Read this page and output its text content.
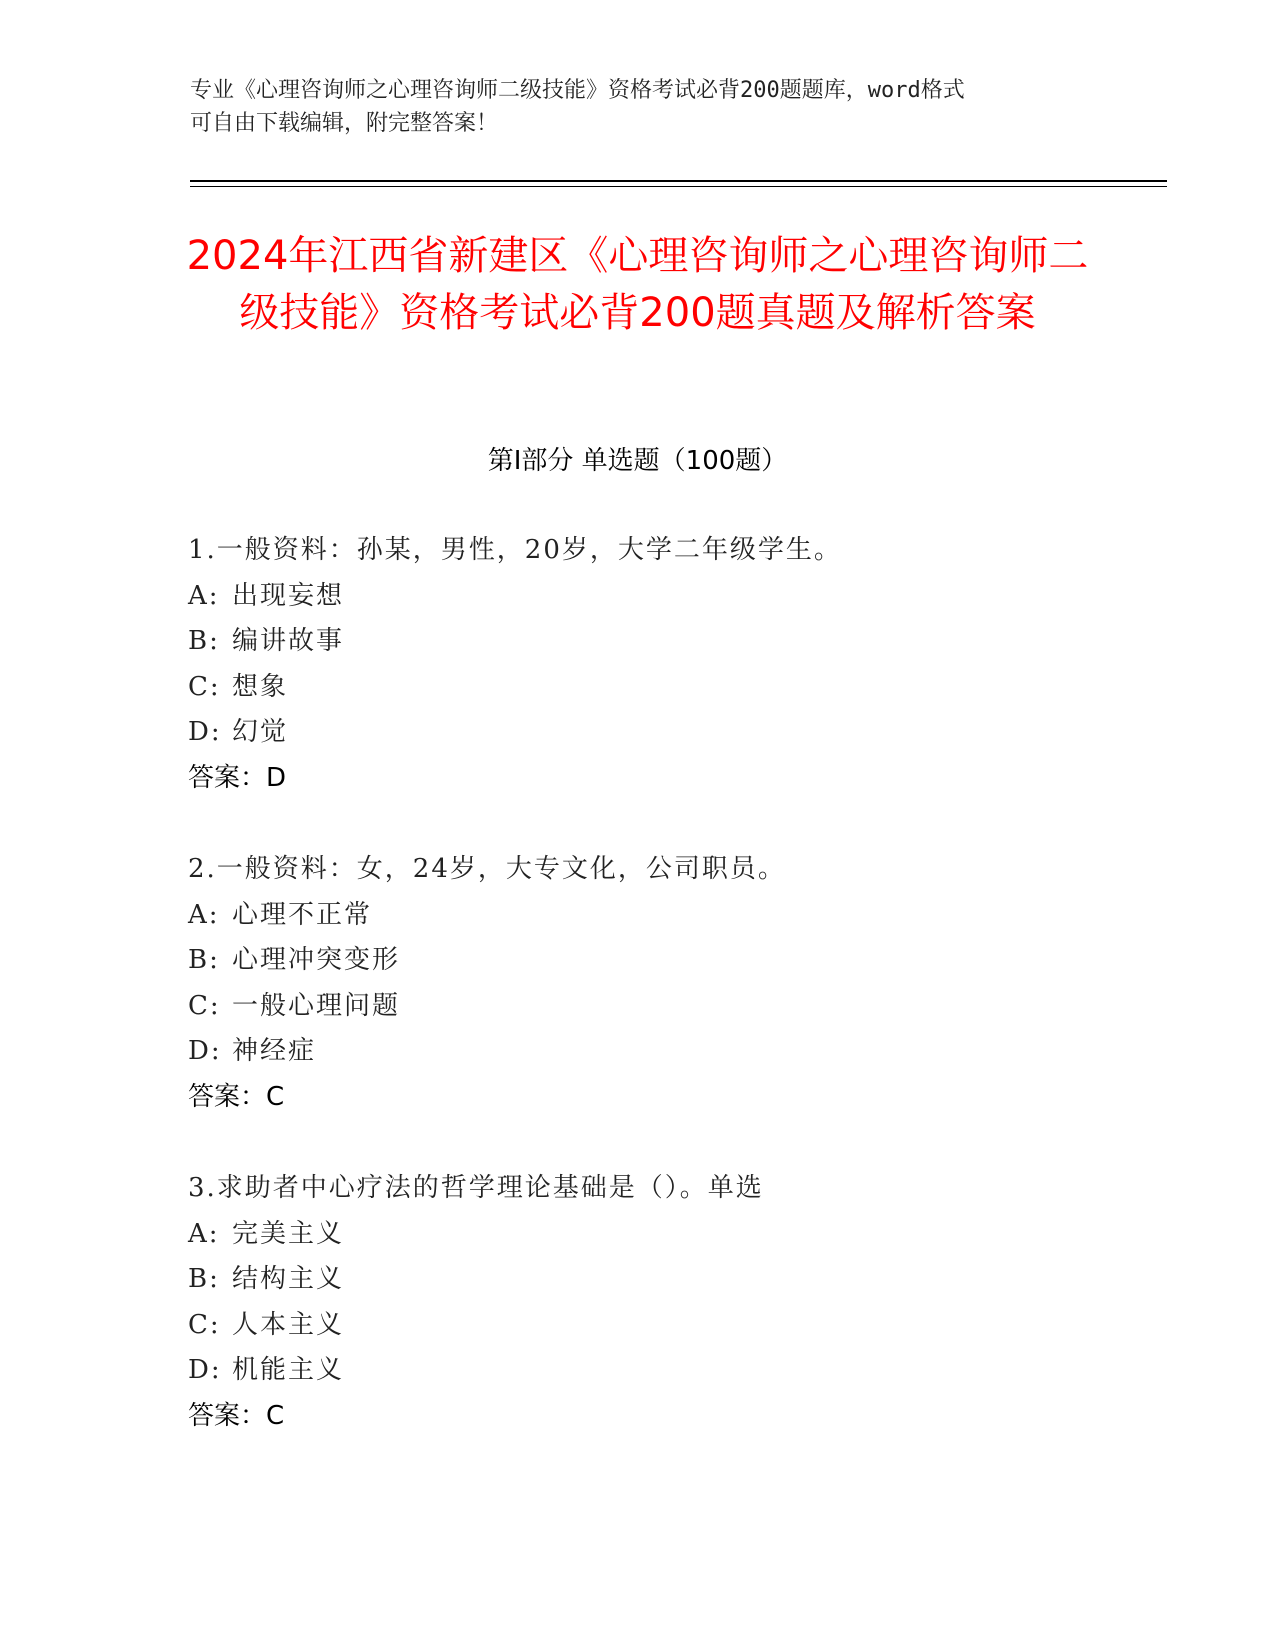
专业《心理咨询师之心理咨询师二级技能》资格考试必背200题题库，word格式
可自由下载编辑，附完整答案！
2024年江西省新建区《心理咨询师之心理咨询师二级技能》资格考试必背200题真题及解析答案
第Ⅰ部分 单选题（100题）
1.一般资料：孙某，男性，20岁，大学二年级学生。
A: 出现妄想
B: 编讲故事
C: 想象
D: 幻觉
答案：D
2.一般资料：女，24岁，大专文化，公司职员。
A: 心理不正常
B: 心理冲突变形
C: 一般心理问题
D: 神经症
答案：C
3.求助者中心疗法的哲学理论基础是（）。单选
A: 完美主义
B: 结构主义
C: 人本主义
D: 机能主义
答案：C
